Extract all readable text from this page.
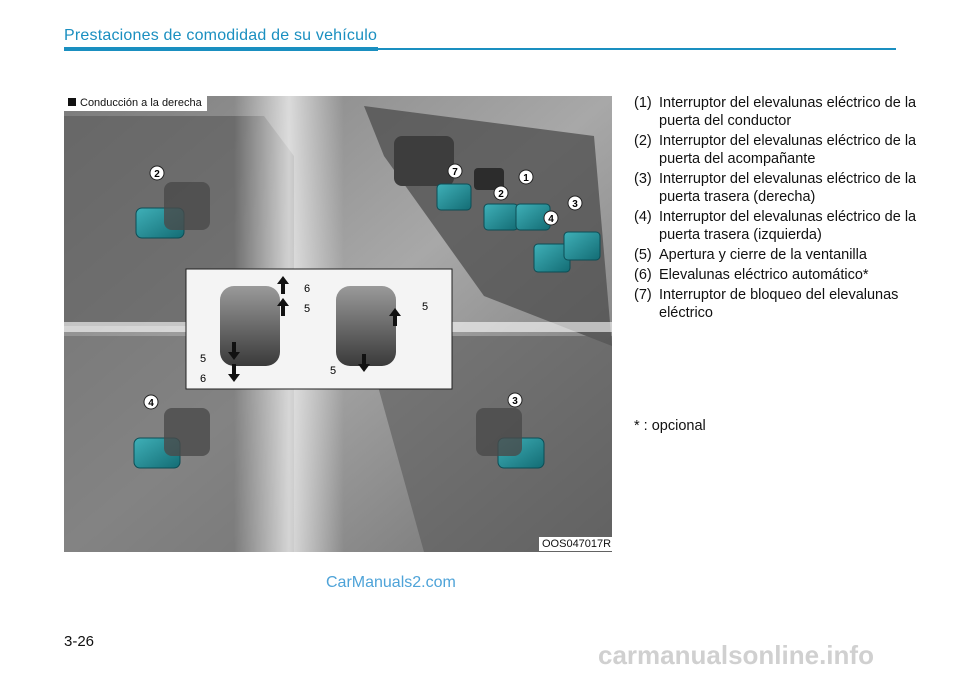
Prestaciones de comodidad de su vehículo
2	7
2
1
4
3
6
5
5
6
5
5
4	3
Conducción a la derecha
OOS047017R
(1) Interruptor del elevalunas eléctrico de la puerta del conductor
(2) Interruptor del elevalunas eléctrico de la puerta del acompañante
(3) Interruptor del elevalunas eléctrico de la puerta trasera (derecha)
(4) Interruptor del elevalunas eléctrico de la puerta trasera (izquierda)
(5) Apertura y cierre de la ventanilla
(6) Elevalunas eléctrico automático*
(7) Interruptor de bloqueo del elevalunas eléctrico
* : opcional
CarManuals2.com
3-26	carmanualsonline.info
